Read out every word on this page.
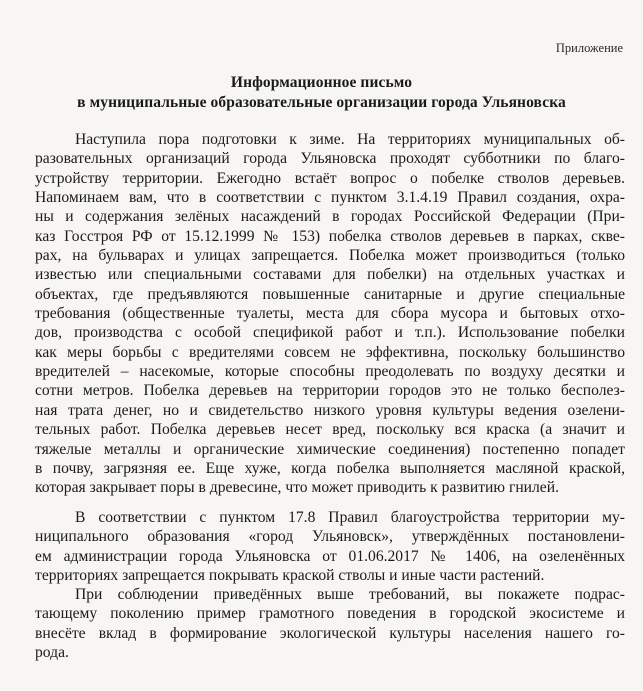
Приложение
Информационное письмо
в муниципальные образовательные организации города Ульяновска
Наступила пора подготовки к зиме. На территориях муниципальных об-
разовательных организаций города Ульяновска проходят субботники по благо-
устройству территории. Ежегодно встаёт вопрос о побелке стволов деревьев.
Напоминаем вам, что в соответствии с пунктом 3.1.4.19 Правил создания, охра-
ны и содержания зелёных насаждений в городах Российской Федерации (При-
каз Госстроя РФ от 15.12.1999 № 153) побелка стволов деревьев в парках, скве-
рах, на бульварах и улицах запрещается. Побелка может производиться (только
известью или специальными составами для побелки) на отдельных участках и
объектах, где предъявляются повышенные санитарные и другие специальные
требования (общественные туалеты, места для сбора мусора и бытовых отхо-
дов, производства с особой спецификой работ и т.п.). Использование побелки
как меры борьбы с вредителями совсем не эффективна, поскольку большинство
вредителей – насекомые, которые способны преодолевать по воздуху десятки и
сотни метров. Побелка деревьев на территории городов это не только бесполез-
ная трата денег, но и свидетельство низкого уровня культуры ведения озелени-
тельных работ. Побелка деревьев несет вред, поскольку вся краска (а значит и
тяжелые металлы и органические химические соединения) постепенно попадет
в почву, загрязняя ее. Еще хуже, когда побелка выполняется масляной краской,
которая закрывает поры в древесине, что может приводить к развитию гнилей.
В соответствии с пунктом 17.8 Правил благоустройства территории му-
ниципального образования «город Ульяновск», утверждённых постановлени-
ем администрации города Ульяновска от 01.06.2017 № 1406, на озеленённых
территориях запрещается покрывать краской стволы и иные части растений.
При соблюдении приведённых выше требований, вы покажете подрас-
тающему поколению пример грамотного поведения в городской экосистеме и
внесёте вклад в формирование экологической культуры населения нашего го-
рода.
